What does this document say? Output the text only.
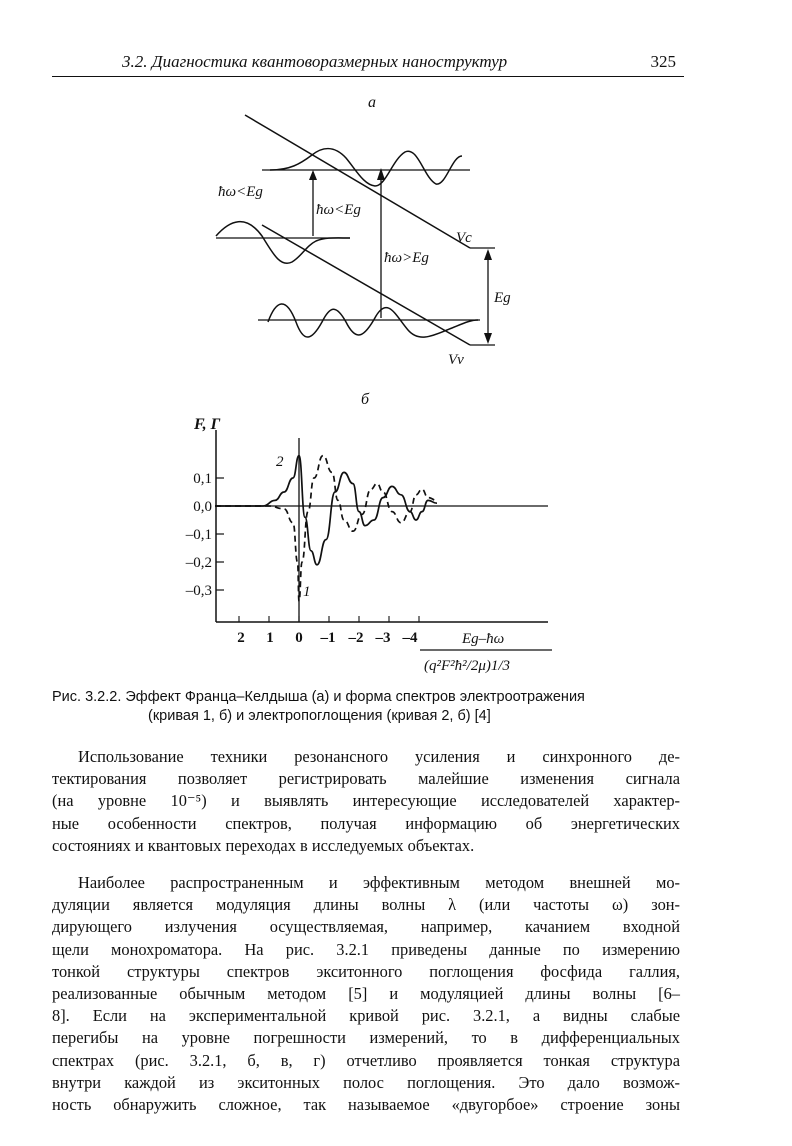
3.2. Диагностика квантоворазмерных наноструктур	325
а
ħω<Eg
ħω<Eg
ħω>Eg
Vc
Vv
Eg
б
F, Г
0,1
0,0
–0,1
–0,2
–0,3
2 1 0 –1 –2 –3 –4
2
1
Eg–ħω
(q²F²ħ²/2μ)1/3
Рис. 3.2.2. Эффект Франца–Келдыша (а) и форма спектров электроотражения
(кривая 1, б) и электропоглощения (кривая 2, б) [4]
Использование техники резонансного усиления и синхронного де-
тектирования позволяет регистрировать малейшие изменения сигнала
(на уровне 10⁻⁵) и выявлять интересующие исследователей характер-
ные особенности спектров, получая информацию об энергетических
состояниях и квантовых переходах в исследуемых объектах.
Наиболее распространенным и эффективным методом внешней мо-
дуляции является модуляция длины волны λ (или частоты ω) зон-
дирующего излучения осуществляемая, например, качанием входной
щели монохроматора. На рис. 3.2.1 приведены данные по измерению
тонкой структуры спектров экситонного поглощения фосфида галлия,
реализованные обычным методом [5] и модуляцией длины волны [6–
8]. Если на экспериментальной кривой рис. 3.2.1, а видны слабые
перегибы на уровне погрешности измерений, то в дифференциальных
спектрах (рис. 3.2.1, б, в, г) отчетливо проявляется тонкая структура
внутри каждой из экситонных полос поглощения. Это дало возмож-
ность обнаружить сложное, так называемое «двугорбое» строение зоны
